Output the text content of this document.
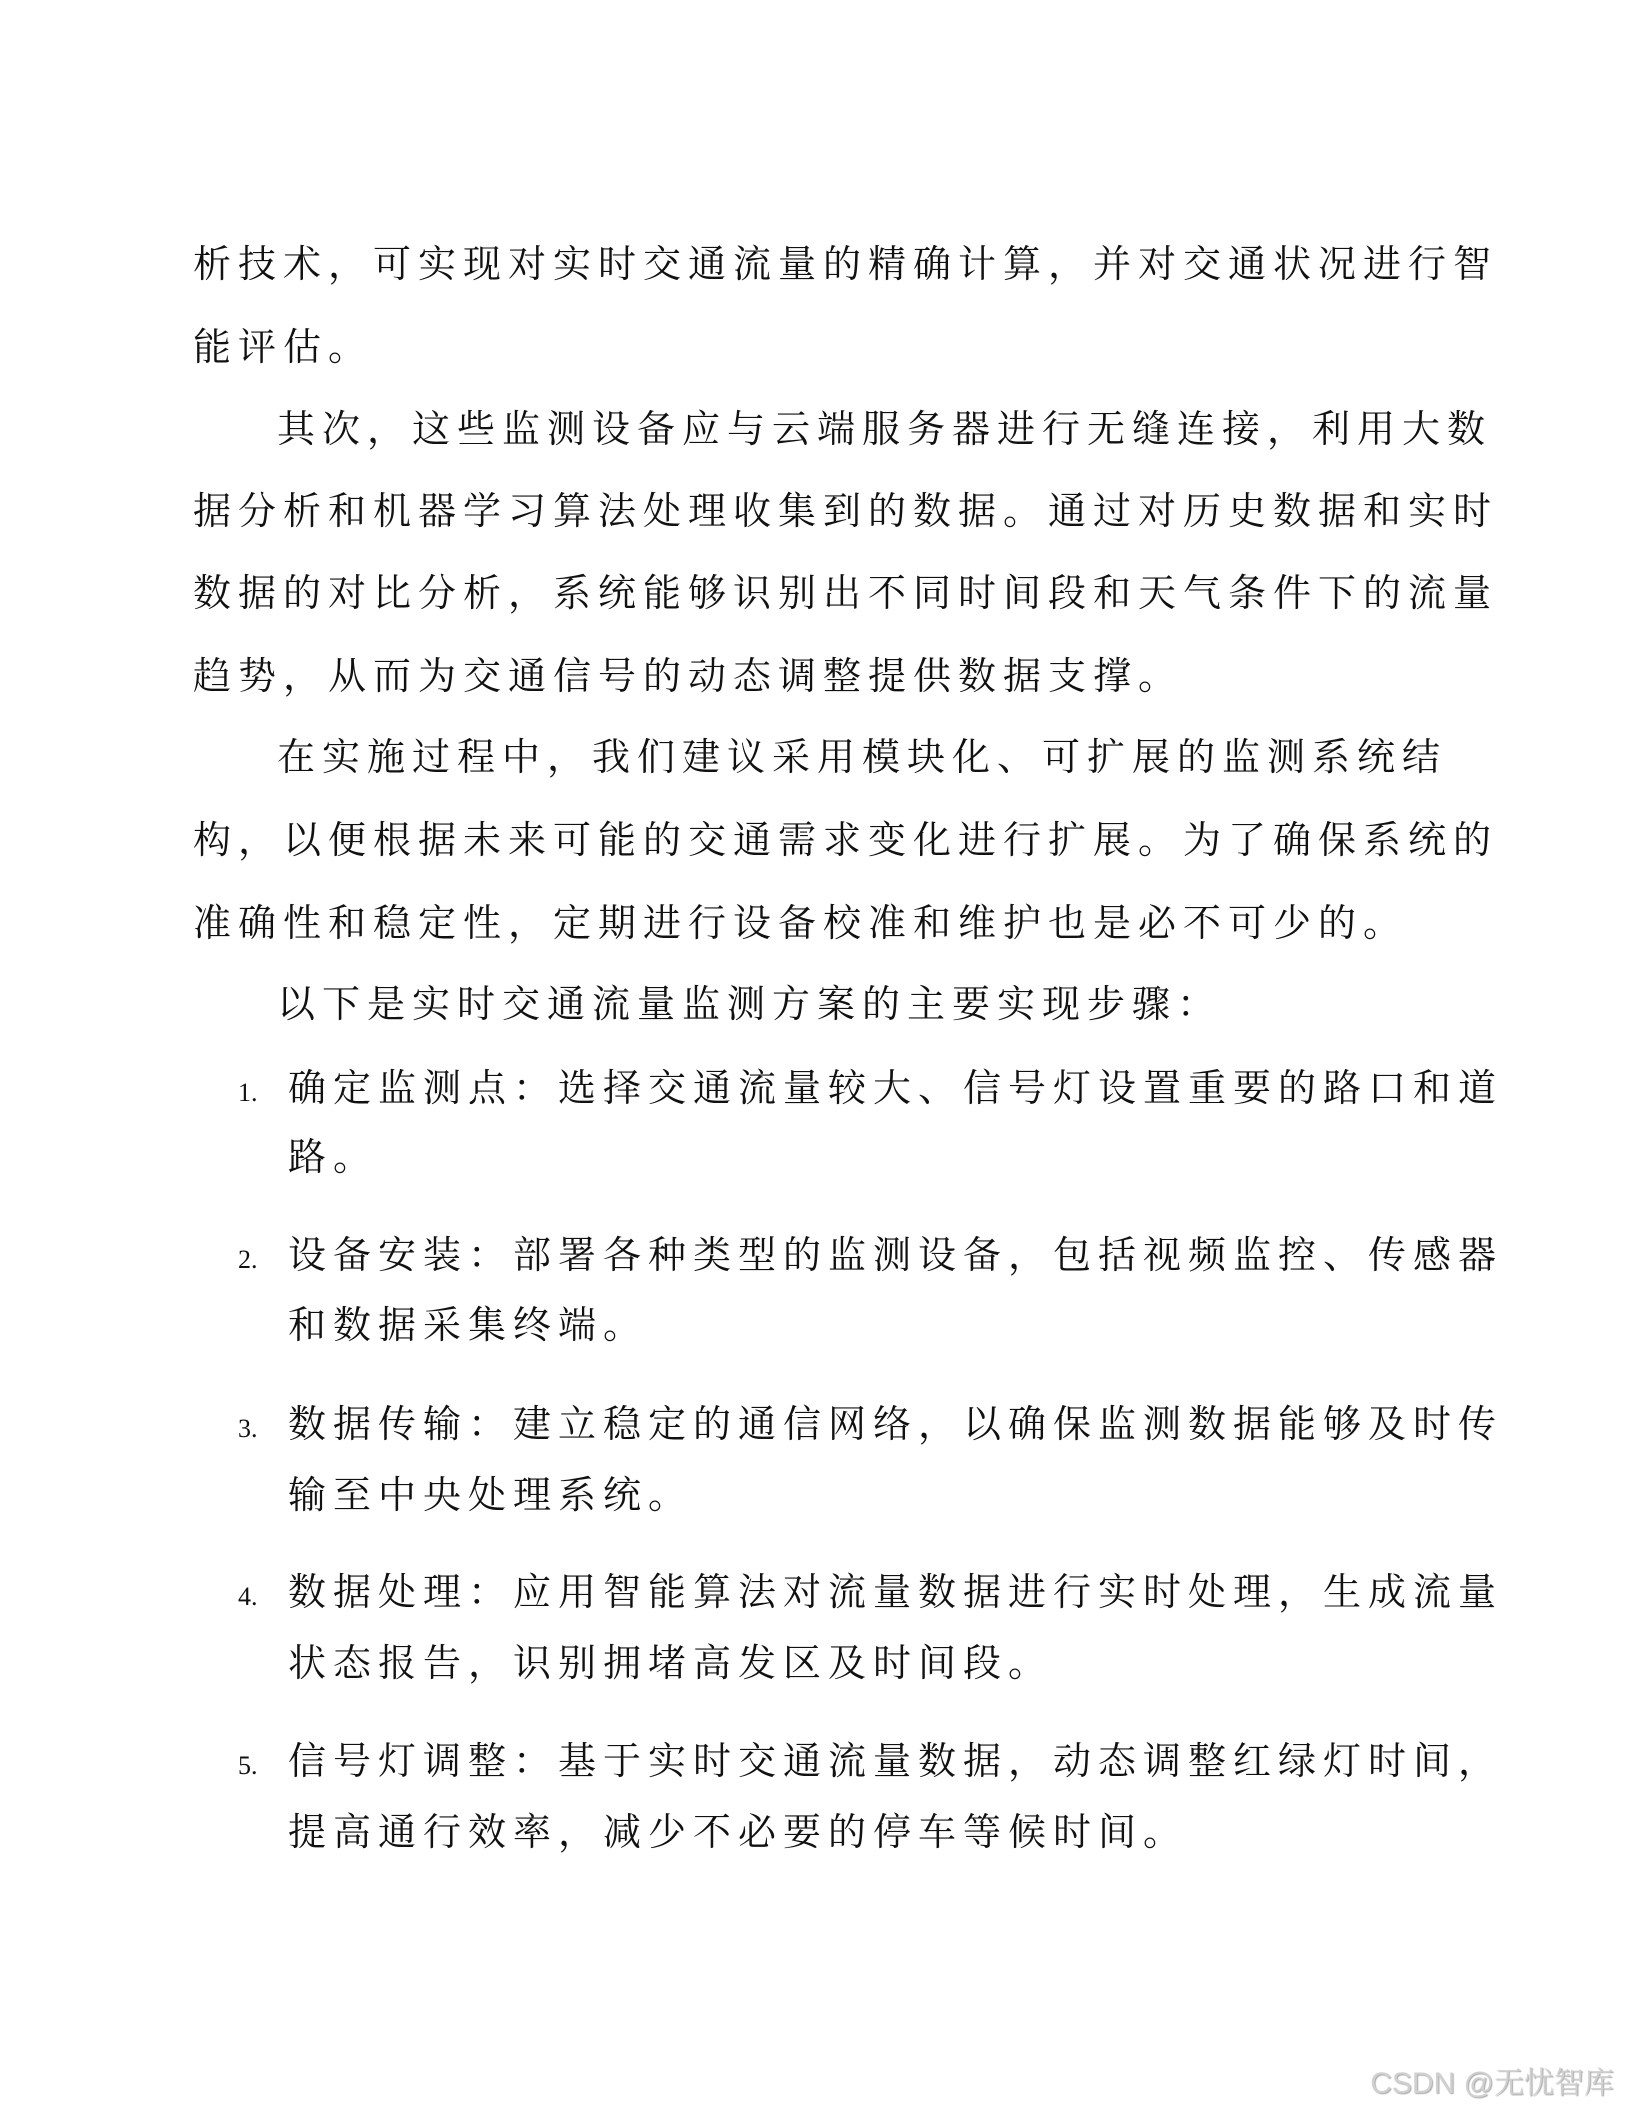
析技术，可实现对实时交通流量的精确计算，并对交通状况进行智
能评估。
其次，这些监测设备应与云端服务器进行无缝连接，利用大数
据分析和机器学习算法处理收集到的数据。通过对历史数据和实时
数据的对比分析，系统能够识别出不同时间段和天气条件下的流量
趋势，从而为交通信号的动态调整提供数据支撑。
在实施过程中，我们建议采用模块化、可扩展的监测系统结
构，以便根据未来可能的交通需求变化进行扩展。为了确保系统的
准确性和稳定性，定期进行设备校准和维护也是必不可少的。
以下是实时交通流量监测方案的主要实现步骤：
1. 确定监测点：选择交通流量较大、信号灯设置重要的路口和道
路。
2. 设备安装：部署各种类型的监测设备，包括视频监控、传感器
和数据采集终端。
3. 数据传输：建立稳定的通信网络，以确保监测数据能够及时传
输至中央处理系统。
4. 数据处理：应用智能算法对流量数据进行实时处理，生成流量
状态报告，识别拥堵高发区及时间段。
5. 信号灯调整：基于实时交通流量数据，动态调整红绿灯时间，
提高通行效率，减少不必要的停车等候时间。
CSDN @无忧智库
